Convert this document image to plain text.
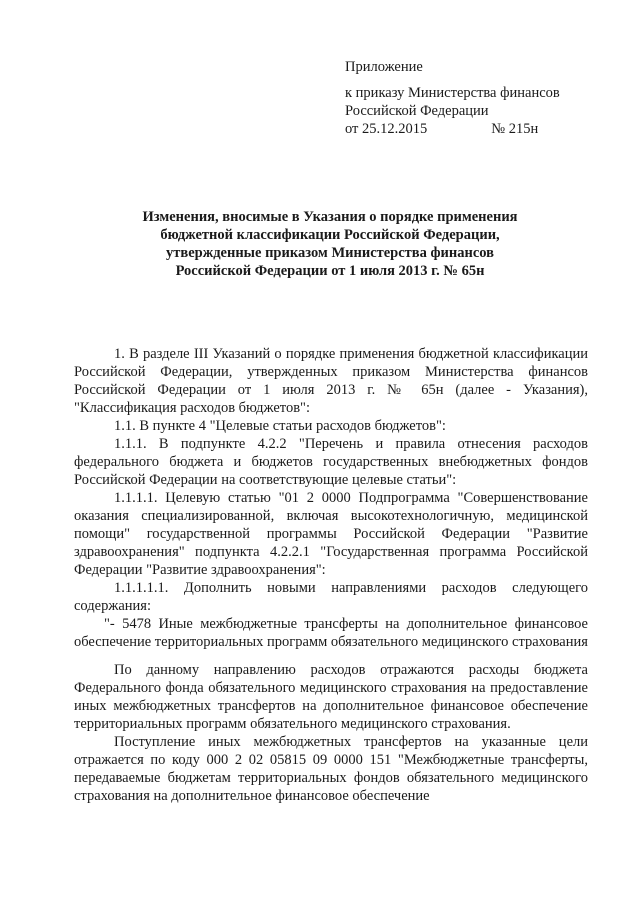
Приложение
к приказу Министерства финансов
Российской Федерации
от 25.12.2015	№ 215н
Изменения, вносимые в Указания о порядке применения
бюджетной классификации Российской Федерации,
утвержденные приказом Министерства финансов
Российской Федерации от 1 июля 2013 г. № 65н

1. В разделе III Указаний о порядке применения бюджетной классификации Российской Федерации, утвержденных приказом Министерства финансов Российской Федерации от 1 июля 2013 г. № 65н (далее - Указания), "Классификация расходов бюджетов":

1.1. В пункте 4 "Целевые статьи расходов бюджетов":

1.1.1. В подпункте 4.2.2 "Перечень и правила отнесения расходов федерального бюджета и бюджетов государственных внебюджетных фондов Российской Федерации на соответствующие целевые статьи":

1.1.1.1. Целевую статью "01 2 0000 Подпрограмма "Совершенствование оказания специализированной, включая высокотехнологичную, медицинской помощи" государственной программы Российской Федерации "Развитие здравоохранения" подпункта 4.2.2.1 "Государственная программа Российской Федерации "Развитие здравоохранения":

1.1.1.1.1. Дополнить новыми направлениями расходов следующего содержания:

"- 5478 Иные межбюджетные трансферты на дополнительное финансовое обеспечение территориальных программ обязательного медицинского страхования

По данному направлению расходов отражаются расходы бюджета Федерального фонда обязательного медицинского страхования на предоставление иных межбюджетных трансфертов на дополнительное финансовое обеспечение территориальных программ обязательного медицинского страхования.

Поступление иных межбюджетных трансфертов на указанные цели отражается по коду 000 2 02 05815 09 0000 151 "Межбюджетные трансферты, передаваемые бюджетам территориальных фондов обязательного медицинского страхования на дополнительное финансовое обеспечение
